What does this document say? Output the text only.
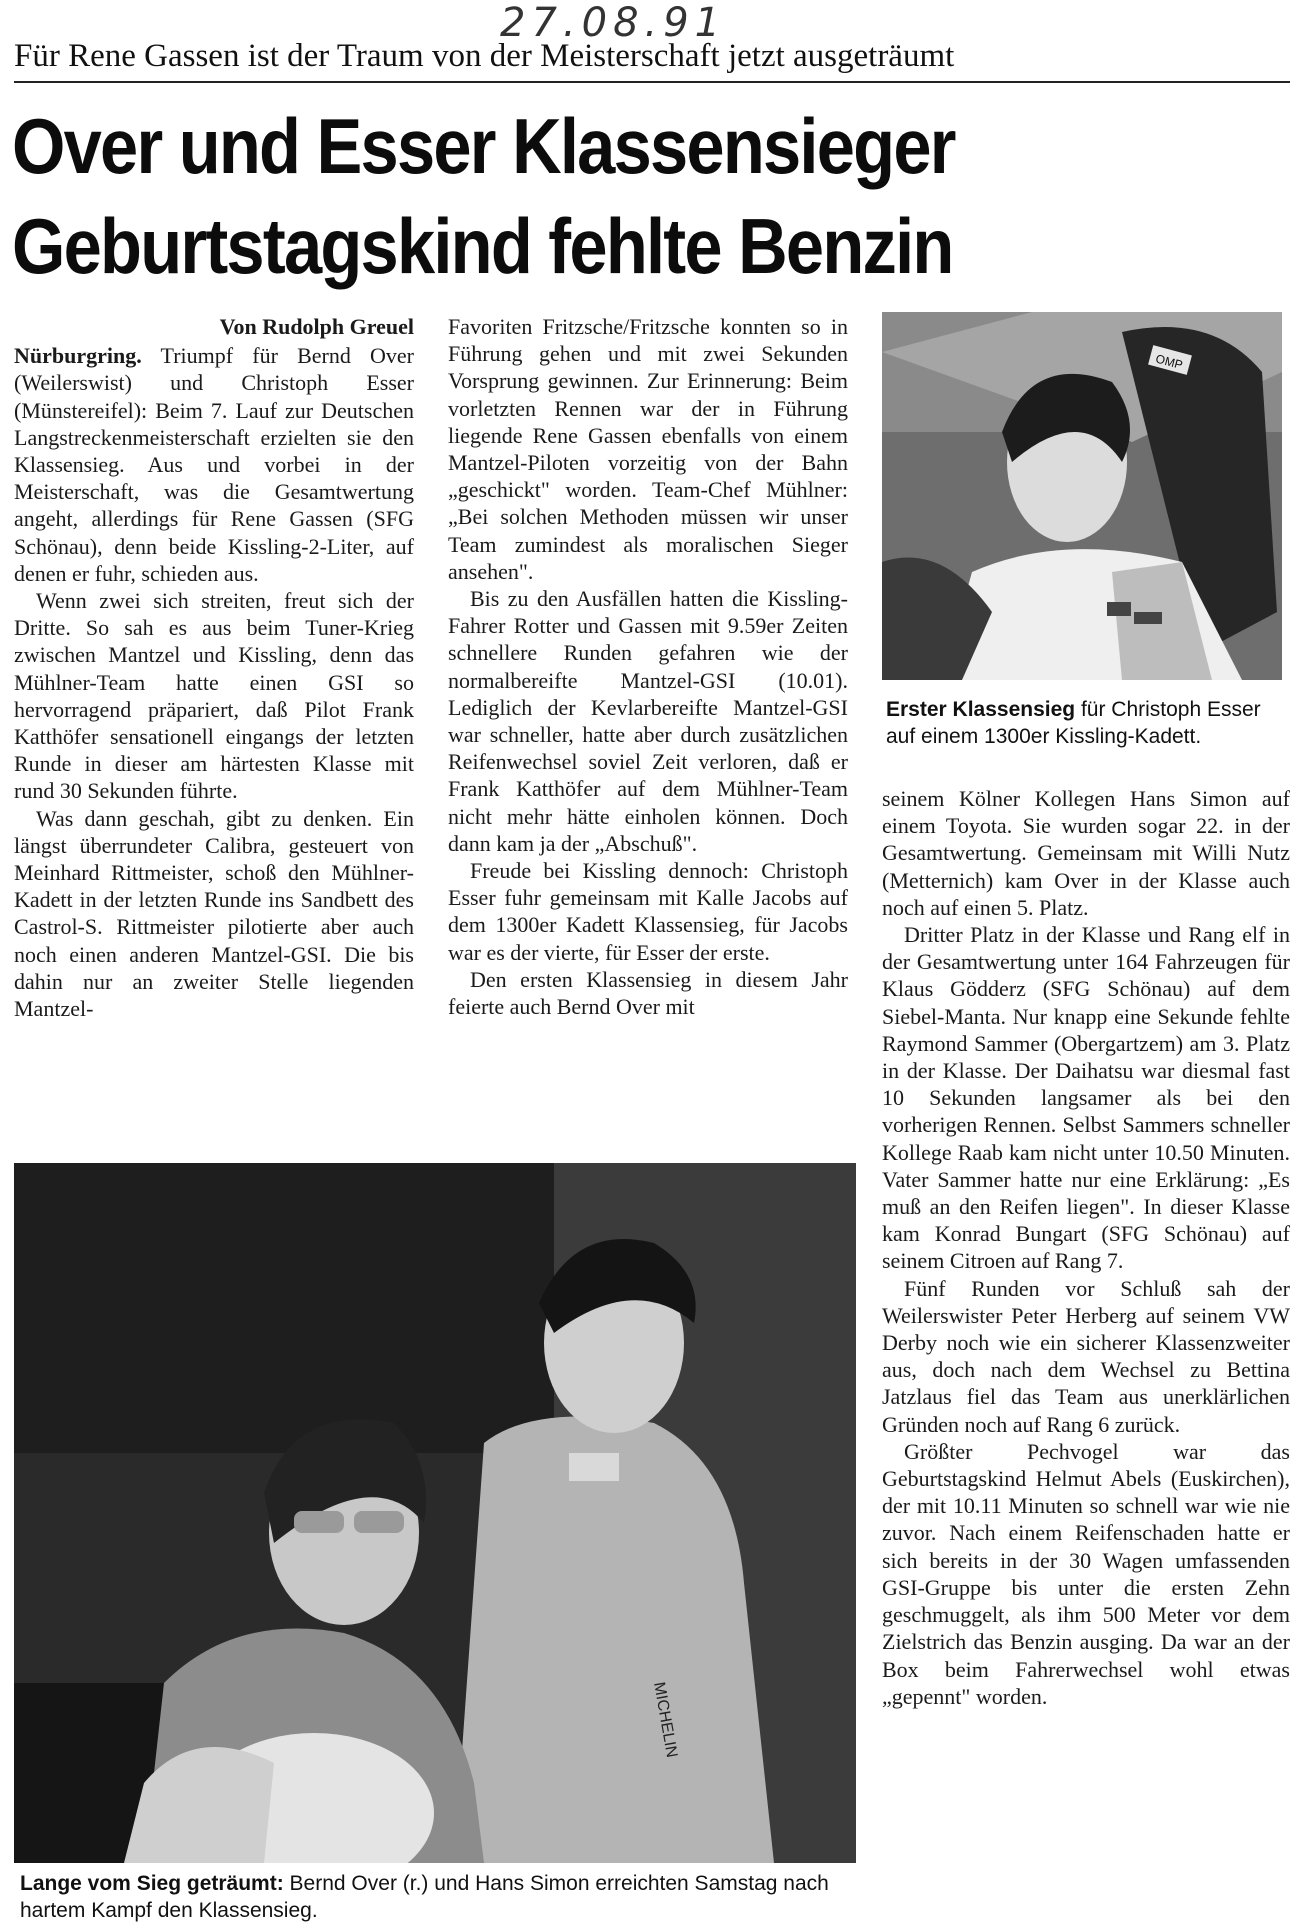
27.08.91
Für Rene Gassen ist der Traum von der Meisterschaft jetzt ausgeträumt
Over und Esser Klassensieger
Geburtstagskind fehlte Benzin
Von Rudolph Greuel

Nürburgring. Triumpf für Bernd Over (Weilerswist) und Christoph Esser (Münstereifel): Beim 7. Lauf zur Deutschen Langstreckenmeisterschaft erzielten sie den Klassensieg. Aus und vorbei in der Meisterschaft, was die Gesamtwertung angeht, allerdings für Rene Gassen (SFG Schönau), denn beide Kissling-2-Liter, auf denen er fuhr, schieden aus.

Wenn zwei sich streiten, freut sich der Dritte. So sah es aus beim Tuner-Krieg zwischen Mantzel und Kissling, denn das Mühlner-Team hatte einen GSI so hervorragend präpariert, daß Pilot Frank Katthöfer sensationell eingangs der letzten Runde in dieser am härtesten Klasse mit rund 30 Sekunden führte.

Was dann geschah, gibt zu denken. Ein längst überrundeter Calibra, gesteuert von Meinhard Rittmeister, schoß den Mühlner-Kadett in der letzten Runde ins Sandbett des Castrol-S. Rittmeister pilotierte aber auch noch einen anderen Mantzel-GSI. Die bis dahin nur an zweiter Stelle liegenden Mantzel-

Favoriten Fritzsche/Fritzsche konnten so in Führung gehen und mit zwei Sekunden Vorsprung gewinnen. Zur Erinnerung: Beim vorletzten Rennen war der in Führung liegende Rene Gassen ebenfalls von einem Mantzel-Piloten vorzeitig von der Bahn „geschickt" worden. Team-Chef Mühlner: „Bei solchen Methoden müssen wir unser Team zumindest als moralischen Sieger ansehen".

Bis zu den Ausfällen hatten die Kissling-Fahrer Rotter und Gassen mit 9.59er Zeiten schnellere Runden gefahren wie der normalbereifte Mantzel-GSI (10.01). Lediglich der Kevlarbereifte Mantzel-GSI war schneller, hatte aber durch zusätzlichen Reifenwechsel soviel Zeit verloren, daß er Frank Katthöfer auf dem Mühlner-Team nicht mehr hätte einholen können. Doch dann kam ja der „Abschuß".

Freude bei Kissling dennoch: Christoph Esser fuhr gemeinsam mit Kalle Jacobs auf dem 1300er Kadett Klassensieg, für Jacobs war es der vierte, für Esser der erste.

Den ersten Klassensieg in diesem Jahr feierte auch Bernd Over mit

OMP
Erster Klassensieg für Christoph Esser auf einem 1300er Kissling-Kadett.

seinem Kölner Kollegen Hans Simon auf einem Toyota. Sie wurden sogar 22. in der Gesamtwertung. Gemeinsam mit Willi Nutz (Metternich) kam Over in der Klasse auch noch auf einen 5. Platz.

Dritter Platz in der Klasse und Rang elf in der Gesamtwertung unter 164 Fahrzeugen für Klaus Gödderz (SFG Schönau) auf dem Siebel-Manta. Nur knapp eine Sekunde fehlte Raymond Sammer (Obergartzem) am 3. Platz in der Klasse. Der Daihatsu war diesmal fast 10 Sekunden langsamer als bei den vorherigen Rennen. Selbst Sammers schneller Kollege Raab kam nicht unter 10.50 Minuten. Vater Sammer hatte nur eine Erklärung: „Es muß an den Reifen liegen". In dieser Klasse kam Konrad Bungart (SFG Schönau) auf seinem Citroen auf Rang 7.

Fünf Runden vor Schluß sah der Weilerswister Peter Herberg auf seinem VW Derby noch wie ein sicherer Klassenzweiter aus, doch nach dem Wechsel zu Bettina Jatzlaus fiel das Team aus unerklärlichen Gründen noch auf Rang 6 zurück.

Größter Pechvogel war das Geburtstagskind Helmut Abels (Euskirchen), der mit 10.11 Minuten so schnell war wie nie zuvor. Nach einem Reifenschaden hatte er sich bereits in der 30 Wagen umfassenden GSI-Gruppe bis unter die ersten Zehn geschmuggelt, als ihm 500 Meter vor dem Zielstrich das Benzin ausging. Da war an der Box beim Fahrerwechsel wohl etwas „gepennt" worden.

MICHELIN
Lange vom Sieg geträumt: Bernd Over (r.) und Hans Simon erreichten Samstag nach hartem Kampf den Klassensieg.
